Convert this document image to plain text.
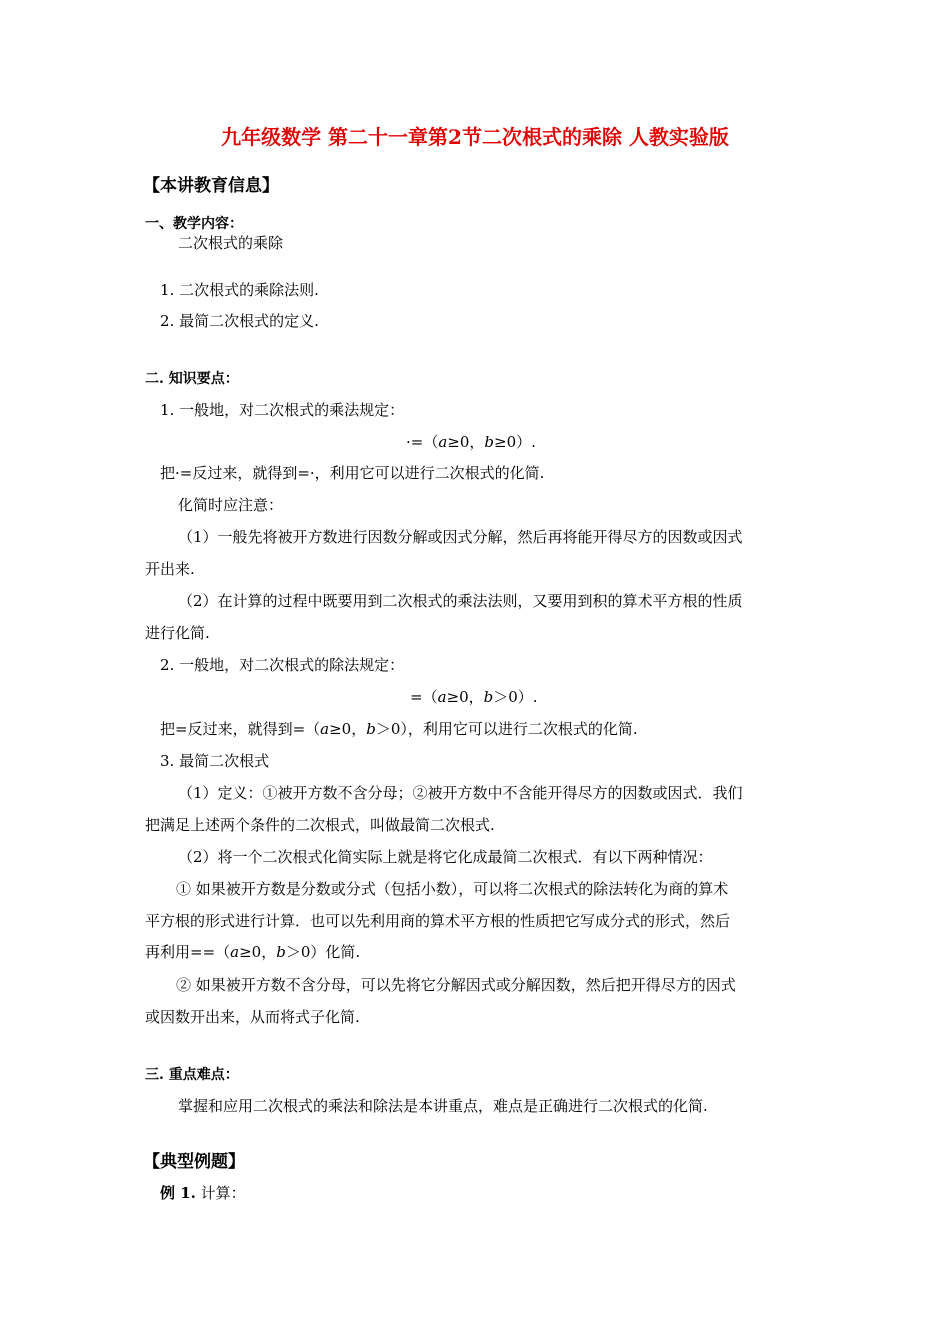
九年级数学 第二十一章第2节二次根式的乘除 人教实验版
【本讲教育信息】
一、教学内容：
二次根式的乘除
1. 二次根式的乘除法则.
2. 最简二次根式的定义.
二. 知识要点：
1. 一般地，对二次根式的乘法规定：
·=（a≥0，b≥0）.
把·=反过来，就得到=·，利用它可以进行二次根式的化简.
化简时应注意：
（1）一般先将被开方数进行因数分解或因式分解，然后再将能开得尽方的因数或因式
开出来.
（2）在计算的过程中既要用到二次根式的乘法法则，又要用到积的算术平方根的性质
进行化简.
2. 一般地，对二次根式的除法规定：
=（a≥0，b＞0）.
把=反过来，就得到=（a≥0，b＞0），利用它可以进行二次根式的化简.
3. 最简二次根式
（1）定义：①被开方数不含分母；②被开方数中不含能开得尽方的因数或因式．我们
把满足上述两个条件的二次根式，叫做最简二次根式.
（2）将一个二次根式化简实际上就是将它化成最简二次根式．有以下两种情况：
① 如果被开方数是分数或分式（包括小数），可以将二次根式的除法转化为商的算术
平方根的形式进行计算．也可以先利用商的算术平方根的性质把它写成分式的形式，然后
再利用==（a≥0，b＞0）化简.
② 如果被开方数不含分母，可以先将它分解因式或分解因数，然后把开得尽方的因式
或因数开出来，从而将式子化简.
三. 重点难点：
掌握和应用二次根式的乘法和除法是本讲重点，难点是正确进行二次根式的化简.
【典型例题】
例 1. 计算：
